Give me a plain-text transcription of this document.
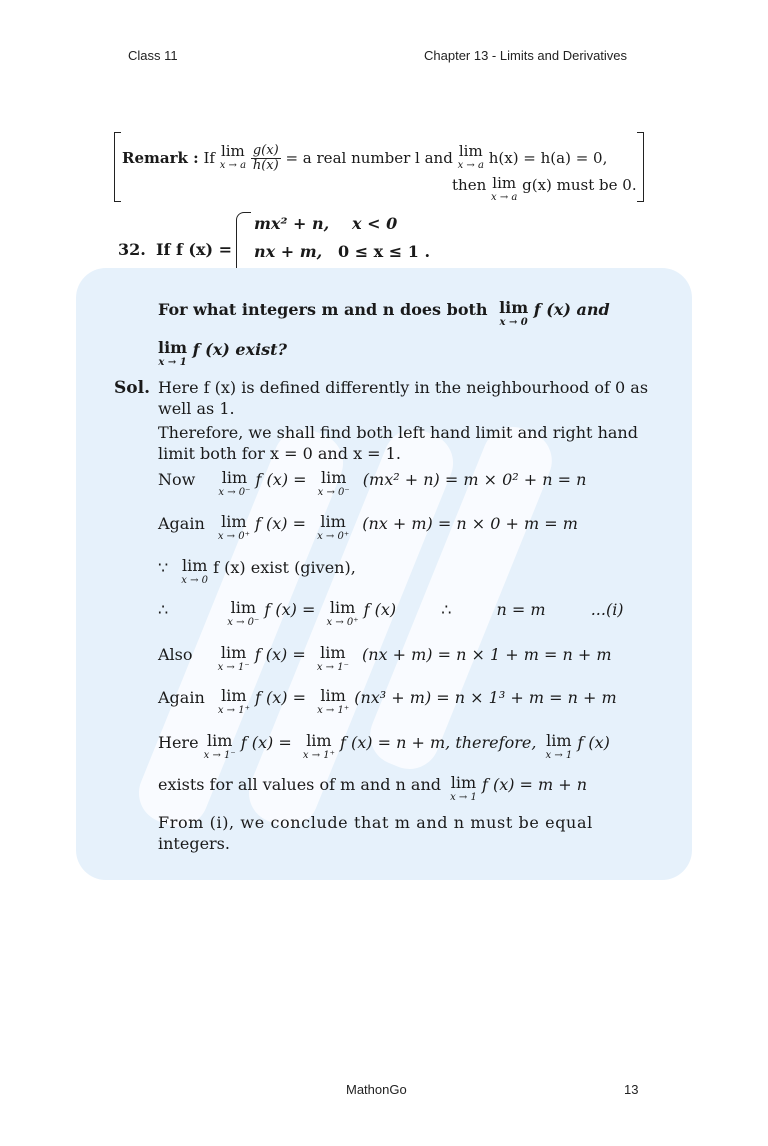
Class 11	Chapter 13 - Limits and Derivatives
Remark : If lim
x → a
$\frac{g(x)}{h(x)} = a$ real number l and lim
x → a h(x) = h(a) = 0,
then lim
x → a
g(x) must be 0.
32. If f (x) =
mx² + n, x < 0
nx + m, 0 ≤ x ≤ 1 .
For what integers m and n does both lim
x → 0
f (x) and
lim
x → 1
f (x) exist?
Sol. Here f (x) is defined differently in the neighbourhood of 0 as
well as 1.
Therefore, we shall find both left hand limit and right hand
limit both for x = 0 and x = 1.
Now lim
x → 0⁻
f (x) = lim
x → 0⁻
(mx² + n) = m × 0² + n = n
Again lim
x → 0⁺
f (x) = lim
x → 0⁺
(nx + m) = n × 0 + m = m
∵ lim
x → 0
f (x) exist (given),
∴	lim
x → 0⁻
f (x) = lim
x → 0⁺
f (x)	∴	n = m	...(i)
Also lim
x → 1⁻
f (x) = lim
x → 1⁻
(nx + m) = n × 1 + m = n + m
Again lim
x → 1⁺
f (x) = lim
x → 1⁺
(nx³ + m) = n × 1³ + m = n + m
Here lim
x → 1⁻
f (x) = lim
x → 1⁺
f (x) = n + m, therefore, lim
x → 1
f (x)
exists for all values of m and n and lim
x → 1
f (x) = m + n
From (i), we conclude that m and n must be equal
integers.
MathonGo	13
